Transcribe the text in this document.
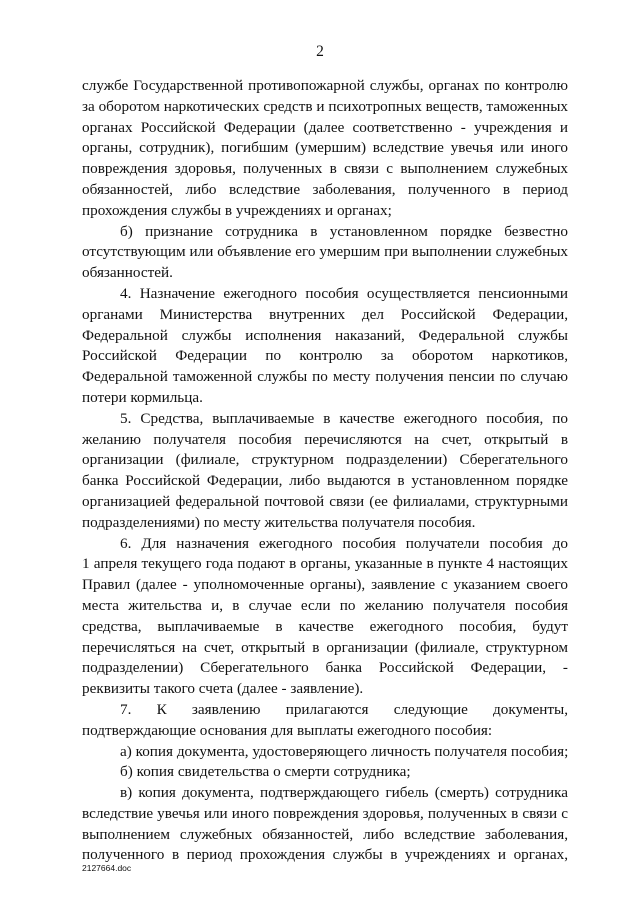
2
службе Государственной противопожарной службы, органах по контролю
за оборотом наркотических средств и психотропных веществ, таможенных
органах Российской Федерации (далее соответственно - учреждения и
органы, сотрудник), погибшим (умершим) вследствие увечья или иного
повреждения здоровья, полученных в связи с выполнением служебных
обязанностей, либо вследствие заболевания, полученного в период
прохождения службы в учреждениях и органах;
б) признание сотрудника в установленном порядке безвестно
отсутствующим или объявление его умершим при выполнении служебных
обязанностей.
4. Назначение ежегодного пособия осуществляется пенсионными
органами Министерства внутренних дел Российской Федерации,
Федеральной службы исполнения наказаний, Федеральной службы
Российской Федерации по контролю за оборотом наркотиков,
Федеральной таможенной службы по месту получения пенсии по случаю
потери кормильца.
5. Средства, выплачиваемые в качестве ежегодного пособия, по
желанию получателя пособия перечисляются на счет, открытый в
организации (филиале, структурном подразделении) Сберегательного
банка Российской Федерации, либо выдаются в установленном порядке
организацией федеральной почтовой связи (ее филиалами, структурными
подразделениями) по месту жительства получателя пособия.
6. Для назначения ежегодного пособия получатели пособия до
1 апреля текущего года подают в органы, указанные в пункте 4 настоящих
Правил (далее - уполномоченные органы), заявление с указанием своего
места жительства и, в случае если по желанию получателя пособия
средства, выплачиваемые в качестве ежегодного пособия, будут
перечисляться на счет, открытый в организации (филиале, структурном
подразделении) Сберегательного банка Российской Федерации, -
реквизиты такого счета (далее - заявление).
7. К заявлению прилагаются следующие документы,
подтверждающие основания для выплаты ежегодного пособия:
а) копия документа, удостоверяющего личность получателя пособия;
б) копия свидетельства о смерти сотрудника;
в) копия документа, подтверждающего гибель (смерть) сотрудника
вследствие увечья или иного повреждения здоровья, полученных в связи с
выполнением служебных обязанностей, либо вследствие заболевания,
полученного в период прохождения службы в учреждениях и органах,
2127664.doc
